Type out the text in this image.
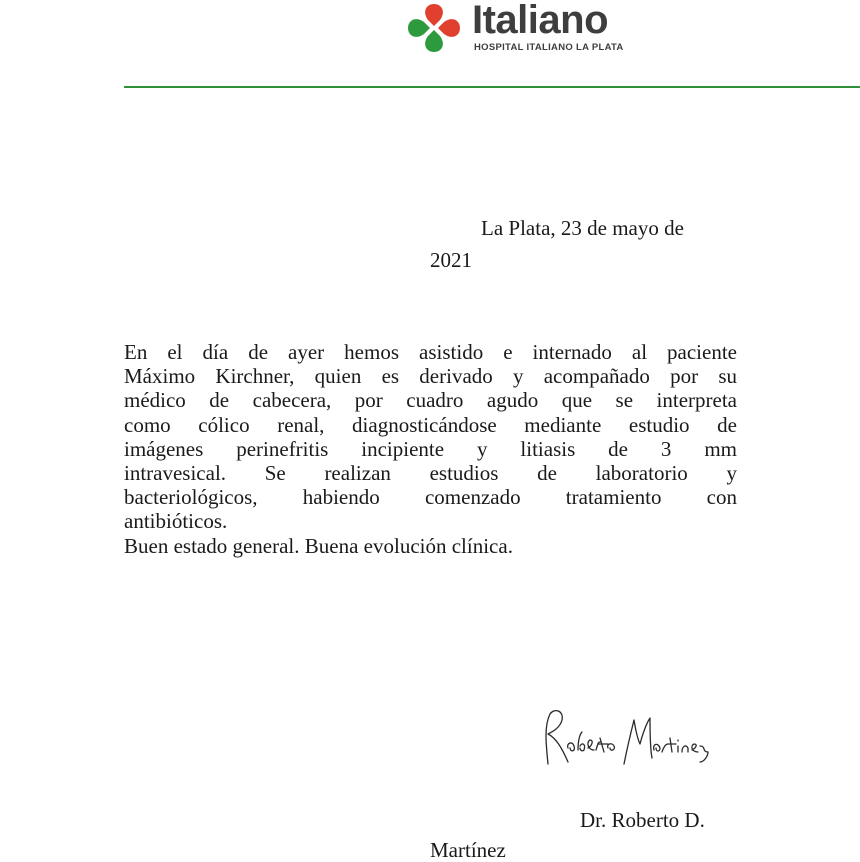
Italiano
HOSPITAL ITALIANO LA PLATA
La Plata, 23 de mayo de
2021
En el día de ayer hemos asistido e internado al paciente
Máximo Kirchner, quien es derivado y acompañado por su
médico de cabecera, por cuadro agudo que se interpreta
como cólico renal, diagnosticándose mediante estudio de
imágenes perinefritis incipiente y litiasis de 3 mm
intravesical. Se realizan estudios de laboratorio y
bacteriológicos, habiendo comenzado tratamiento con
antibióticos.
Buen estado general. Buena evolución clínica.
Dr. Roberto D.
Martínez
